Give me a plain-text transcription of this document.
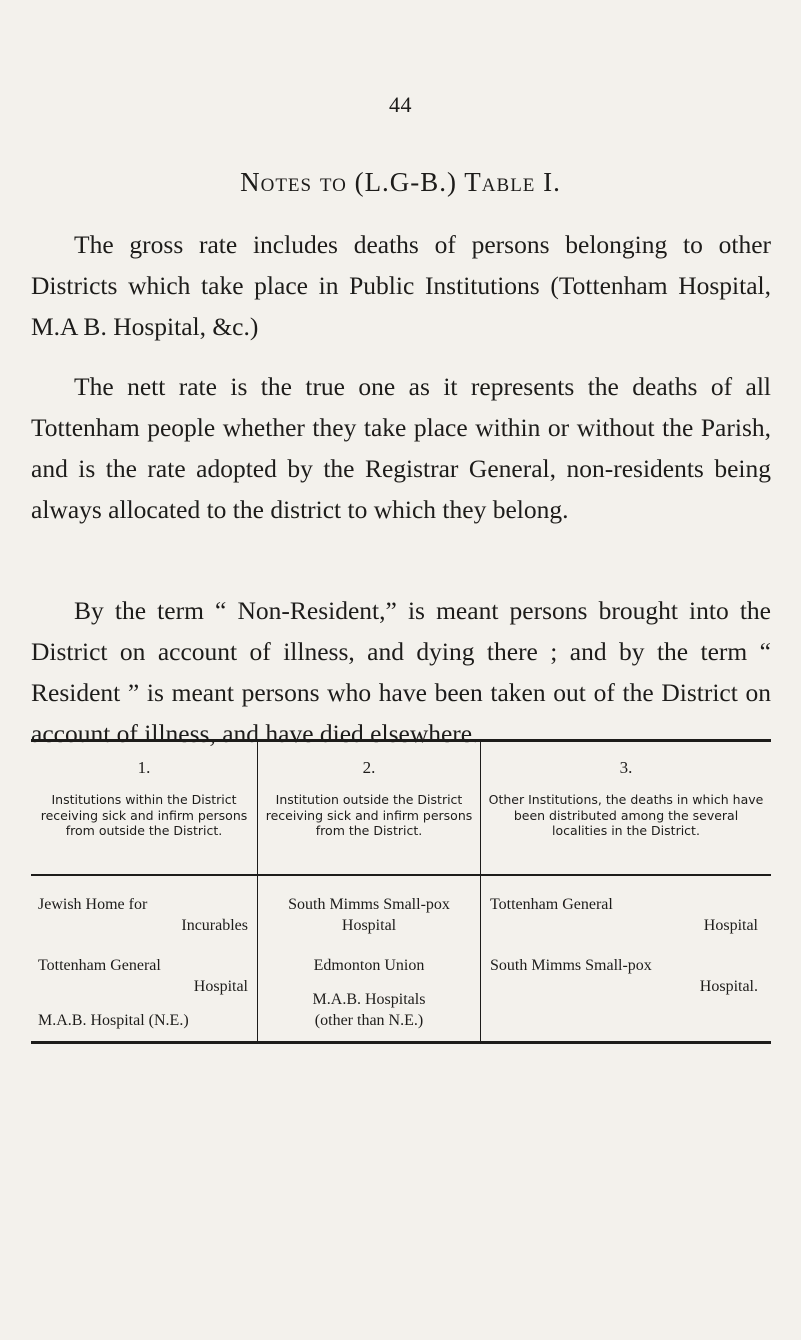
44
Notes to (L.G-B.) Table I.

The gross rate includes deaths of persons belonging to other Districts which take place in Public Institutions (Tottenham Hospital, M.A B. Hospital, &c.)

The nett rate is the true one as it represents the deaths of all Tottenham people whether they take place within or without the Parish, and is the rate adopted by the Registrar General, non-residents being always allocated to the district to which they belong.

By the term “ Non-Resident,” is meant persons brought into the District on account of illness, and dying there ; and by the term “ Resident ” is meant persons who have been taken out of the District on account of illness, and have died elsewhere.

1.
Institutions within the District receiving sick and infirm persons from outside the District.
Jewish Home for
Incurables
Tottenham General
Hospital
M.A.B. Hospital (N.E.)
2.
Institution outside the District receiving sick and infirm persons from the District.
South Mimms Small-pox
Hospital
Edmonton Union
M.A.B. Hospitals
(other than N.E.)
3.
Other Institutions, the deaths in which have been distributed among the several localities in the District.
Tottenham General
Hospital
South Mimms Small-pox
Hospital.
